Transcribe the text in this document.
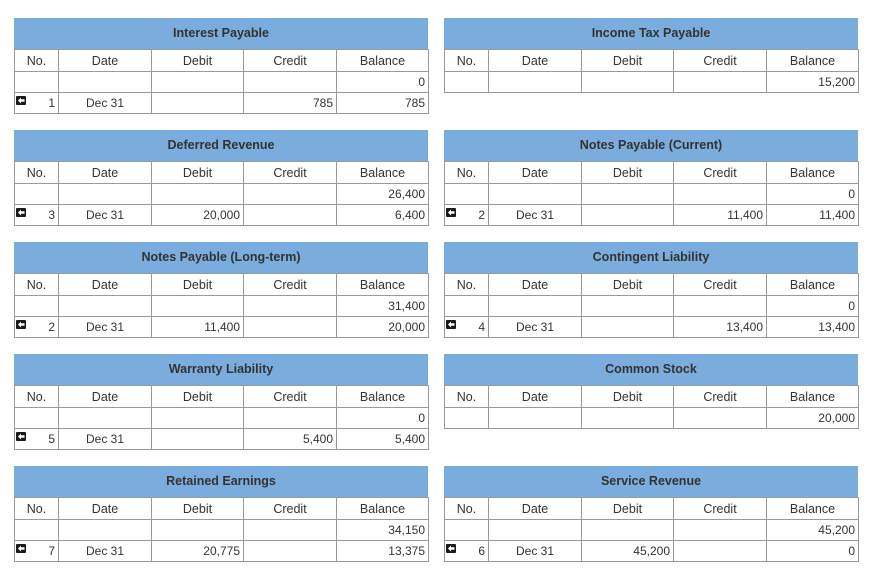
Interest Payable
No.	Date	Debit	Credit	Balance
				0

1	Dec 31		785	785
Income Tax Payable
No.	Date	Debit	Credit	Balance
				15,200
Deferred Revenue
No.	Date	Debit	Credit	Balance
				26,400

3	Dec 31	20,000		6,400
Notes Payable (Current)
No.	Date	Debit	Credit	Balance
				0

2	Dec 31		11,400	11,400
Notes Payable (Long-term)
No.	Date	Debit	Credit	Balance
				31,400

2	Dec 31	11,400		20,000
Contingent Liability
No.	Date	Debit	Credit	Balance
				0

4	Dec 31		13,400	13,400
Warranty Liability
No.	Date	Debit	Credit	Balance
				0

5	Dec 31		5,400	5,400
Common Stock
No.	Date	Debit	Credit	Balance
				20,000
Retained Earnings
No.	Date	Debit	Credit	Balance
				34,150

7	Dec 31	20,775		13,375
Service Revenue
No.	Date	Debit	Credit	Balance
				45,200

6	Dec 31	45,200		0
